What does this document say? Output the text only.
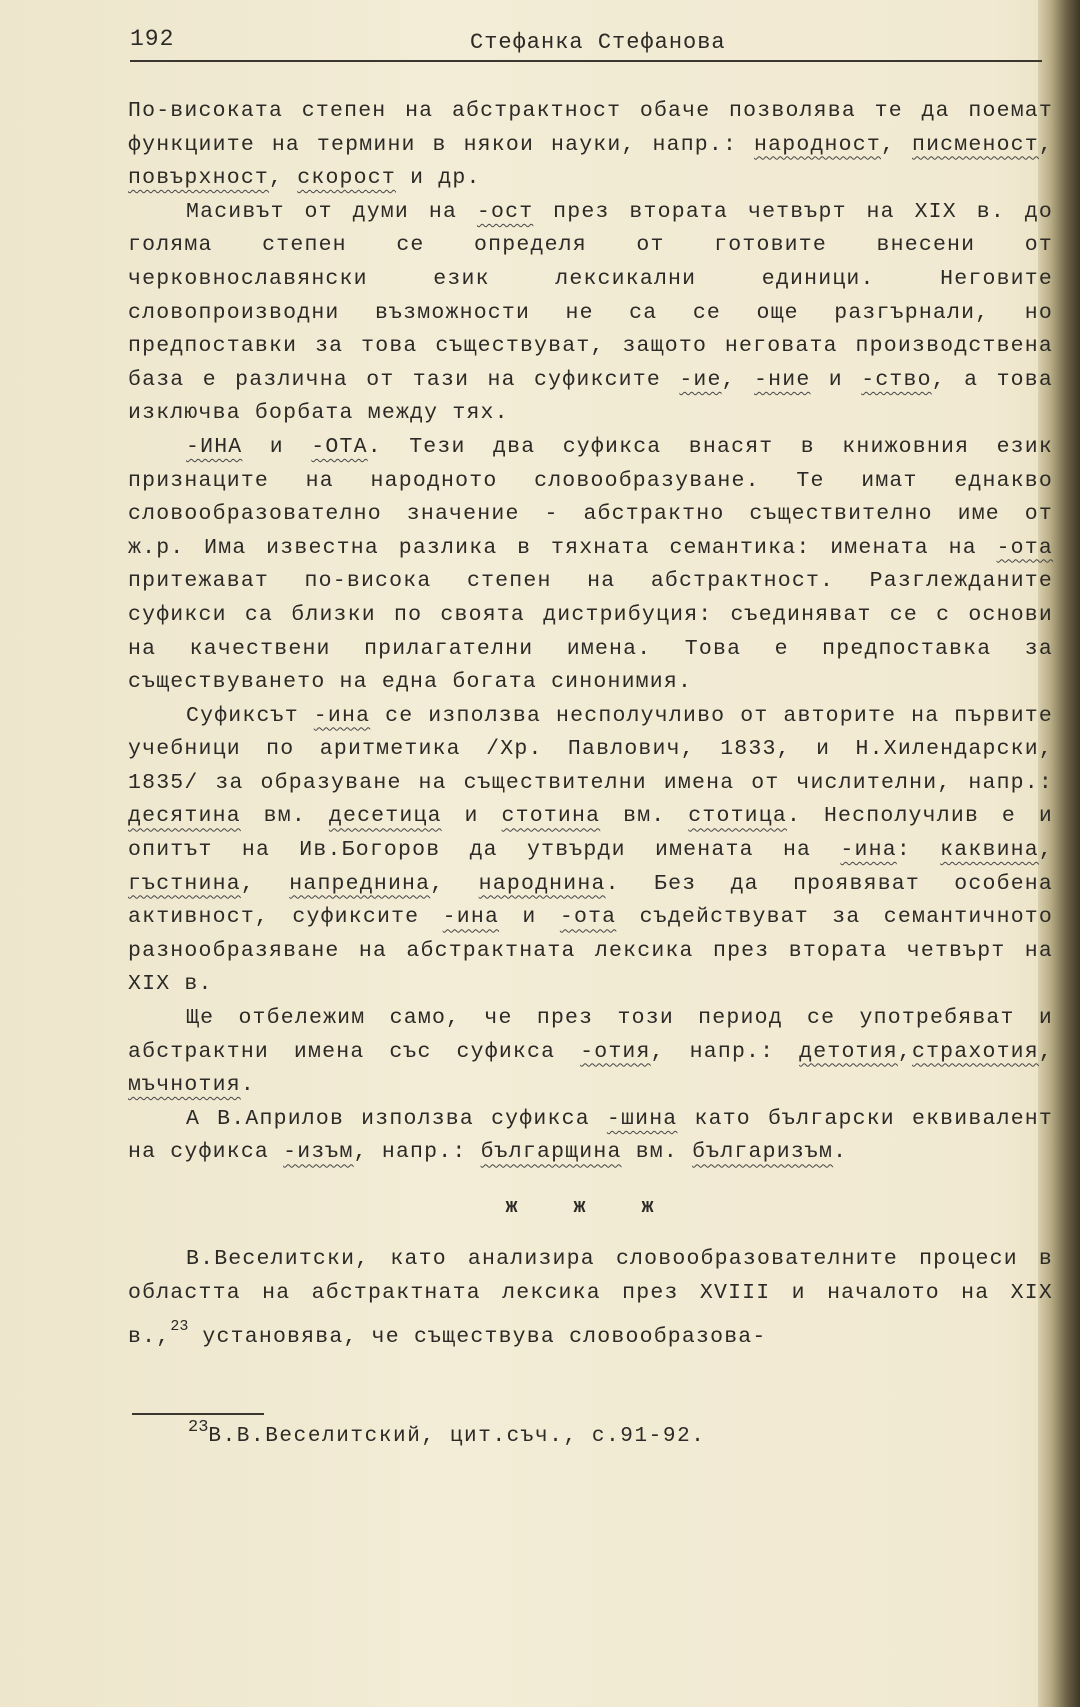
192	Стефанка Стефанова

По-високата степен на абстрактност обаче позволява те да поемат функциите на термини в някои науки, напр.: народност, писменост, повърхност, скорост и др.

Масивът от думи на -ост през втората четвърт на XIX в. до голяма степен се определя от готовите внесени от черковнославянски език лексикални единици. Неговите словопроизводни възможности не са се още разгърнали, но предпоставки за това съществуват, защото неговата производствена база е различна от тази на суфиксите -ие, -ние и -ство, а това изключва борбата между тях.

-ИНА и -ОТА. Тези два суфикса внасят в книжовния език признаците на народното словообразуване. Те имат еднакво словообразователно значение - абстрактно съществително име от ж.р. Има известна разлика в тяхната семантика: имената на -ота притежават по-висока степен на абстрактност. Разглежданите суфикси са близки по своята дистрибуция: съединяват се с основи на качествени прилагателни имена. Това е предпоставка за съществуването на една богата синонимия.

Суфиксът -ина се използва несполучливо от авторите на първите учебници по аритметика /Хр. Павлович, 1833, и Н.Хилендарски, 1835/ за образуване на съществителни имена от числителни, напр.: десятина вм. десетица и стотина вм. стотица. Несполучлив е и опитът на Ив.Богоров да утвърди имената на -ина: каквина, гъстнина, напреднина, народнина. Без да проявяват особена активност, суфиксите -ина и -ота съдействуват за семантичното разнообразяване на абстрактната лексика през втората четвърт на XIX в.

Ще отбележим само, че през този период се употребяват и абстрактни имена със суфикса -отия, напр.: детотия,страхотия, мъчнотия.

А В.Априлов използва суфикса -шина като български еквивалент на суфикса -изъм, напр.: българщина вм. българизъм.

ж ж ж

В.Веселитски, като анализира словообразователните процеси в областта на абстрактната лексика през XVIII и началото на XIX в.,$^{23}$ установява, че съществува словообразова-

$^{23}$В.В.Веселитский, цит.съч., с.91-92.
